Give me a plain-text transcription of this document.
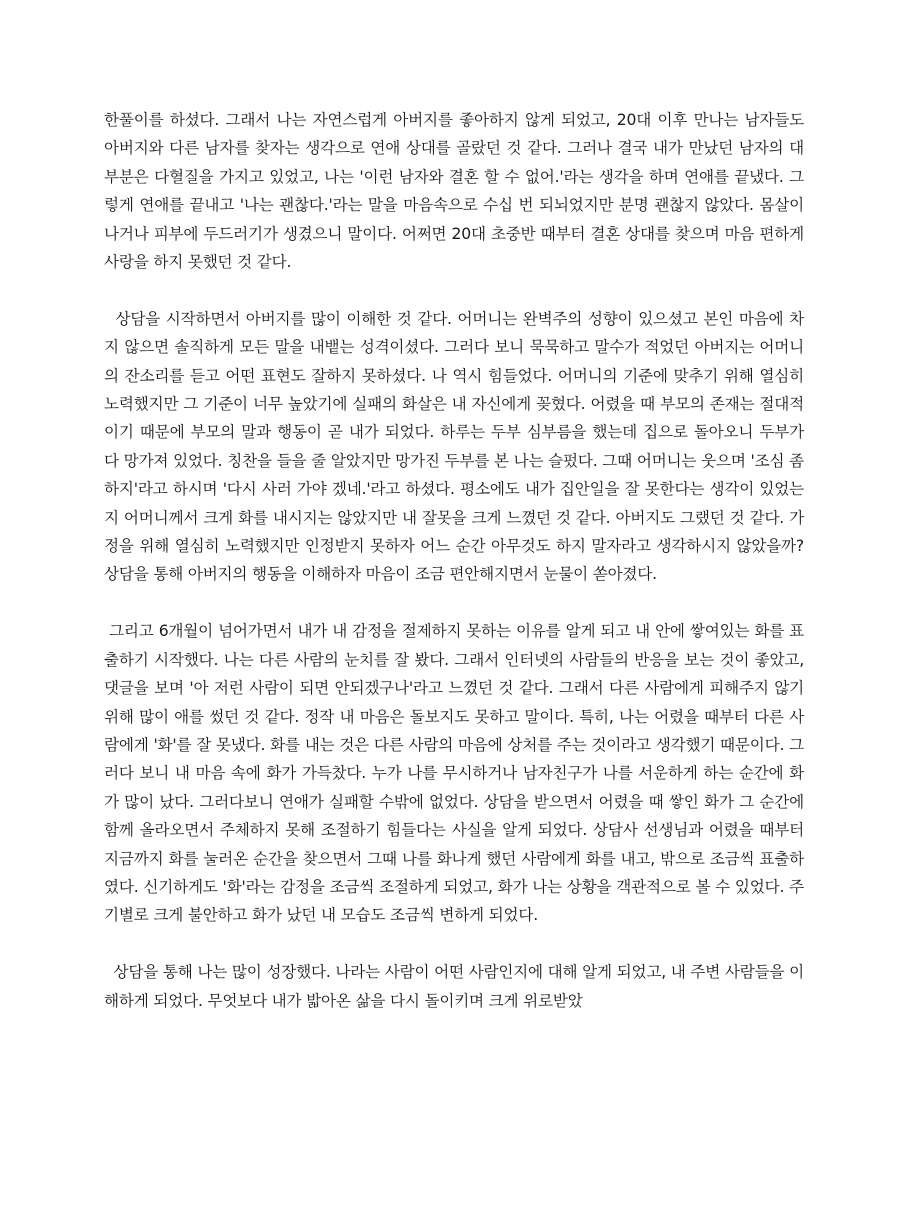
한풀이를 하셨다. 그래서 나는 자연스럽게 아버지를 좋아하지 않게 되었고, 20대 이후 만나는 남자들도 아버지와 다른 남자를 찾자는 생각으로 연애 상대를 골랐던 것 같다. 그러나 결국 내가 만났던 남자의 대부분은 다혈질을 가지고 있었고, 나는 '이런 남자와 결혼 할 수 없어.'라는 생각을 하며 연애를 끝냈다. 그렇게 연애를 끝내고 '나는 괜찮다.'라는 말을 마음속으로 수십 번 되뇌었지만 분명 괜찮지 않았다. 몸살이 나거나 피부에 두드러기가 생겼으니 말이다. 어쩌면 20대 초중반 때부터 결혼 상대를 찾으며 마음 편하게 사랑을 하지 못했던 것 같다.

상담을 시작하면서 아버지를 많이 이해한 것 같다. 어머니는 완벽주의 성향이 있으셨고 본인 마음에 차지 않으면 솔직하게 모든 말을 내뱉는 성격이셨다. 그러다 보니 묵묵하고 말수가 적었던 아버지는 어머니의 잔소리를 듣고 어떤 표현도 잘하지 못하셨다. 나 역시 힘들었다. 어머니의 기준에 맞추기 위해 열심히 노력했지만 그 기준이 너무 높았기에 실패의 화살은 내 자신에게 꽂혔다. 어렸을 때 부모의 존재는 절대적이기 때문에 부모의 말과 행동이 곧 내가 되었다. 하루는 두부 심부름을 했는데 집으로 돌아오니 두부가 다 망가져 있었다. 칭찬을 들을 줄 알았지만 망가진 두부를 본 나는 슬펐다. 그때 어머니는 웃으며 '조심 좀 하지'라고 하시며 '다시 사러 가야 겠네.'라고 하셨다. 평소에도 내가 집안일을 잘 못한다는 생각이 있었는지 어머니께서 크게 화를 내시지는 않았지만 내 잘못을 크게 느꼈던 것 같다. 아버지도 그랬던 것 같다. 가정을 위해 열심히 노력했지만 인정받지 못하자 어느 순간 아무것도 하지 말자라고 생각하시지 않았을까? 상담을 통해 아버지의 행동을 이해하자 마음이 조금 편안해지면서 눈물이 쏟아졌다.

그리고 6개월이 넘어가면서 내가 내 감정을 절제하지 못하는 이유를 알게 되고 내 안에 쌓여있는 화를 표출하기 시작했다. 나는 다른 사람의 눈치를 잘 봤다. 그래서 인터넷의 사람들의 반응을 보는 것이 좋았고, 댓글을 보며 '아 저런 사람이 되면 안되겠구나'라고 느꼈던 것 같다. 그래서 다른 사람에게 피해주지 않기 위해 많이 애를 썼던 것 같다. 정작 내 마음은 돌보지도 못하고 말이다. 특히, 나는 어렸을 때부터 다른 사람에게 '화'를 잘 못냈다. 화를 내는 것은 다른 사람의 마음에 상처를 주는 것이라고 생각했기 때문이다. 그러다 보니 내 마음 속에 화가 가득찼다. 누가 나를 무시하거나 남자친구가 나를 서운하게 하는 순간에 화가 많이 났다. 그러다보니 연애가 실패할 수밖에 없었다. 상담을 받으면서 어렸을 때 쌓인 화가 그 순간에 함께 올라오면서 주체하지 못해 조절하기 힘들다는 사실을 알게 되었다. 상담사 선생님과 어렸을 때부터 지금까지 화를 눌러온 순간을 찾으면서 그때 나를 화나게 했던 사람에게 화를 내고, 밖으로 조금씩 표출하였다. 신기하게도 '화'라는 감정을 조금씩 조절하게 되었고, 화가 나는 상황을 객관적으로 볼 수 있었다. 주기별로 크게 불안하고 화가 났던 내 모습도 조금씩 변하게 되었다.

상담을 통해 나는 많이 성장했다. 나라는 사람이 어떤 사람인지에 대해 알게 되었고, 내 주변 사람들을 이해하게 되었다. 무엇보다 내가 밟아온 삶을 다시 돌이키며 크게 위로받았
